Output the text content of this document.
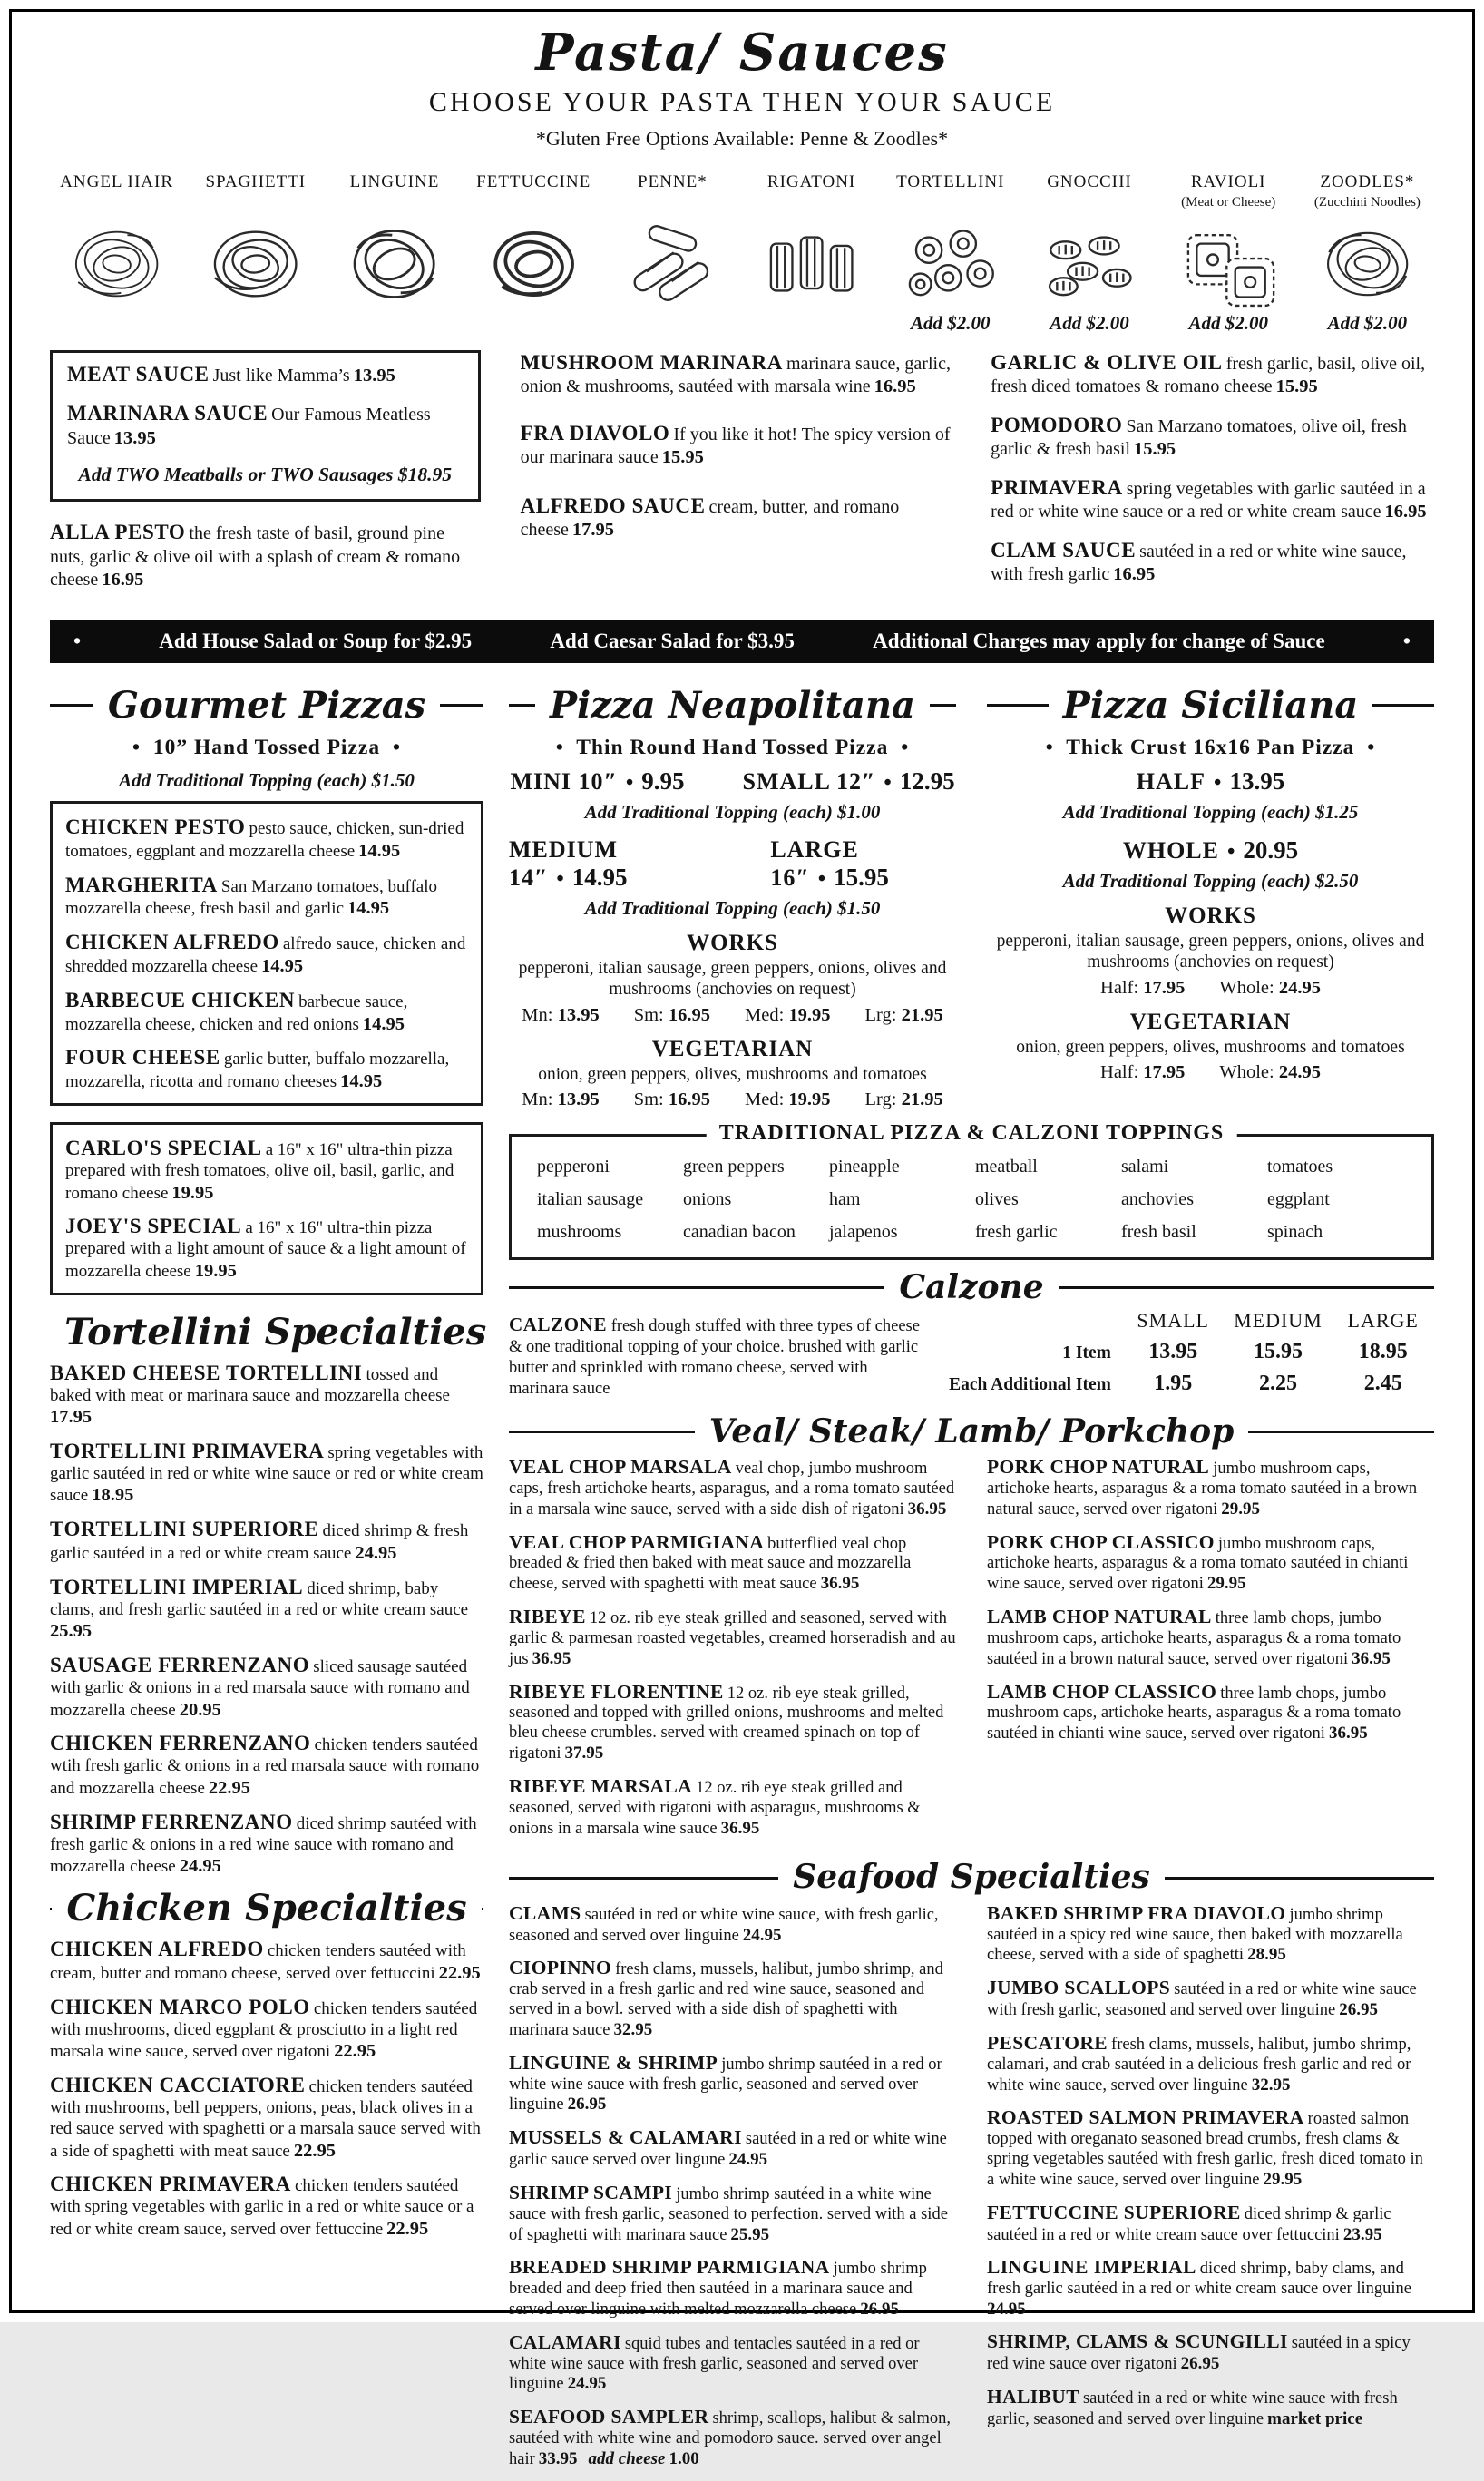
Pasta/ Sauces
CHOOSE YOUR PASTA THEN YOUR SAUCE
*Gluten Free Options Available: Penne & Zoodles*
ANGEL HAIR	SPAGHETTI	LINGUINE	FETTUCCINE	PENNE*	RIGATONI	TORTELLINI
Add $2.00
GNOCCHI
Add $2.00
RAVIOLI
(Meat or Cheese)
Add $2.00
ZOODLES*
(Zucchini Noodles)
Add $2.00

MEAT SAUCE Just like Mamma’s 13.95

MARINARA SAUCE Our Famous Meatless Sauce 13.95

Add TWO Meatballs or TWO Sausages $18.95

ALLA PESTO the fresh taste of basil, ground pine nuts, garlic & olive oil with a splash of cream & romano cheese 16.95

MUSHROOM MARINARA marinara sauce, garlic, onion & mushrooms, sautéed with marsala wine 16.95

FRA DIAVOLO If you like it hot! The spicy version of our marinara sauce 15.95

ALFREDO SAUCE cream, butter, and romano cheese 17.95

GARLIC & OLIVE OIL fresh garlic, basil, olive oil, fresh diced tomatoes & romano cheese 15.95

POMODORO San Marzano tomatoes, olive oil, fresh garlic & fresh basil 15.95

PRIMAVERA spring vegetables with garlic sautéed in a red or white wine sauce or a red or white cream sauce 16.95

CLAM SAUCE sautéed in a red or white wine sauce, with fresh garlic 16.95

•	Add House Salad or Soup for $2.95	Add Caesar Salad for $3.95	Additional Charges may apply for change of Sauce	•
Gourmet Pizzas
• 10” Hand Tossed Pizza •
Add Traditional Topping (each) $1.50

CHICKEN PESTO pesto sauce, chicken, sun-dried tomatoes, eggplant and mozzarella cheese 14.95

MARGHERITA San Marzano tomatoes, buffalo mozzarella cheese, fresh basil and garlic 14.95

CHICKEN ALFREDO alfredo sauce, chicken and shredded mozzarella cheese 14.95

BARBECUE CHICKEN barbecue sauce, mozzarella cheese, chicken and red onions 14.95

FOUR CHEESE garlic butter, buffalo mozzarella, mozzarella, ricotta and romano cheeses 14.95

CARLO'S SPECIAL a 16" x 16" ultra-thin pizza prepared with fresh tomatoes, olive oil, basil, garlic, and romano cheese 19.95

JOEY'S SPECIAL a 16" x 16" ultra-thin pizza prepared with a light amount of sauce & a light amount of mozzarella cheese 19.95

Tortellini Specialties

BAKED CHEESE TORTELLINI tossed and baked with meat or marinara sauce and mozzarella cheese 17.95

TORTELLINI PRIMAVERA spring vegetables with garlic sautéed in red or white wine sauce or red or white cream sauce 18.95

TORTELLINI SUPERIORE diced shrimp & fresh garlic sautéed in a red or white cream sauce 24.95

TORTELLINI IMPERIAL diced shrimp, baby clams, and fresh garlic sautéed in a red or white cream sauce 25.95

SAUSAGE FERRENZANO sliced sausage sautéed with garlic & onions in a red marsala sauce with romano and mozzarella cheese 20.95

CHICKEN FERRENZANO chicken tenders sautéed wtih fresh garlic & onions in a red marsala sauce with romano and mozzarella cheese 22.95

SHRIMP FERRENZANO diced shrimp sautéed with fresh garlic & onions in a red wine sauce with romano and mozzarella cheese 24.95

Chicken Specialties

CHICKEN ALFREDO chicken tenders sautéed with cream, butter and romano cheese, served over fettuccini 22.95

CHICKEN MARCO POLO chicken tenders sautéed with mushrooms, diced eggplant & prosciutto in a light red marsala wine sauce, served over rigatoni 22.95

CHICKEN CACCIATORE chicken tenders sautéed with mushrooms, bell peppers, onions, peas, black olives in a red sauce served with spaghetti or a marsala sauce served with a side of spaghetti with meat sauce 22.95

CHICKEN PRIMAVERA chicken tenders sautéed with spring vegetables with garlic in a red or white sauce or a red or white cream sauce, served over fettuccine 22.95

Pizza Neapolitana
• Thin Round Hand Tossed Pizza •
MINI 10″ • 9.95 SMALL 12″ • 12.95
Add Traditional Topping (each) $1.00
MEDIUM 14″ • 14.95
LARGE 16″ • 15.95
Add Traditional Topping (each) $1.50
WORKS
pepperoni, italian sausage, green peppers, onions, olives and mushrooms (anchovies on request)
Mn: 13.95 Sm: 16.95 Med: 19.95 Lrg: 21.95
VEGETARIAN
onion, green peppers, olives, mushrooms and tomatoes
Mn: 13.95 Sm: 16.95 Med: 19.95 Lrg: 21.95
Pizza Siciliana
• Thick Crust 16x16 Pan Pizza •
HALF • 13.95
Add Traditional Topping (each) $1.25
WHOLE • 20.95
Add Traditional Topping (each) $2.50
WORKS
pepperoni, italian sausage, green peppers, onions, olives and mushrooms (anchovies on request)
Half: 17.95 Whole: 24.95
VEGETARIAN
onion, green peppers, olives, mushrooms and tomatoes
Half: 17.95 Whole: 24.95
TRADITIONAL PIZZA & CALZONI TOPPINGS
pepperoni	green peppers	pineapple	meatball	salami	tomatoes
italian sausage	onions	ham	olives	anchovies	eggplant
mushrooms	canadian bacon	jalapenos	fresh garlic	fresh basil	spinach
Calzone

CALZONE fresh dough stuffed with three types of cheese & one traditional topping of your choice. brushed with garlic butter and sprinkled with romano cheese, served with marinara sauce

SMALL	MEDIUM	LARGE
1 Item	13.95	15.95	18.95
Each Additional Item	1.95	2.25	2.45
Veal/ Steak/ Lamb/ Porkchop

VEAL CHOP MARSALA veal chop, jumbo mushroom caps, fresh artichoke hearts, asparagus, and a roma tomato sautéed in a marsala wine sauce, served with a side dish of rigatoni 36.95

VEAL CHOP PARMIGIANA butterflied veal chop breaded & fried then baked with meat sauce and mozzarella cheese, served with spaghetti with meat sauce 36.95

RIBEYE 12 oz. rib eye steak grilled and seasoned, served with garlic & parmesan roasted vegetables, creamed horseradish and au jus 36.95

RIBEYE FLORENTINE 12 oz. rib eye steak grilled, seasoned and topped with grilled onions, mushrooms and melted bleu cheese crumbles. served with creamed spinach on top of rigatoni 37.95

RIBEYE MARSALA 12 oz. rib eye steak grilled and seasoned, served with rigatoni with asparagus, mushrooms & onions in a marsala wine sauce 36.95

PORK CHOP NATURAL jumbo mushroom caps, artichoke hearts, asparagus & a roma tomato sautéed in a brown natural sauce, served over rigatoni 29.95

PORK CHOP CLASSICO jumbo mushroom caps, artichoke hearts, asparagus & a roma tomato sautéed in chianti wine sauce, served over rigatoni 29.95

LAMB CHOP NATURAL three lamb chops, jumbo mushroom caps, artichoke hearts, asparagus & a roma tomato sautéed in a brown natural sauce, served over rigatoni 36.95

LAMB CHOP CLASSICO three lamb chops, jumbo mushroom caps, artichoke hearts, asparagus & a roma tomato sautéed in chianti wine sauce, served over rigatoni 36.95

Seafood Specialties

CLAMS sautéed in red or white wine sauce, with fresh garlic, seasoned and served over linguine 24.95

CIOPINNO fresh clams, mussels, halibut, jumbo shrimp, and crab served in a fresh garlic and red wine sauce, seasoned and served in a bowl. served with a side dish of spaghetti with marinara sauce 32.95

LINGUINE & SHRIMP jumbo shrimp sautéed in a red or white wine sauce with fresh garlic, seasoned and served over linguine 26.95

MUSSELS & CALAMARI sautéed in a red or white wine garlic sauce served over lingune 24.95

SHRIMP SCAMPI jumbo shrimp sautéed in a white wine sauce with fresh garlic, seasoned to perfection. served with a side of spaghetti with marinara sauce 25.95

BREADED SHRIMP PARMIGIANA jumbo shrimp breaded and deep fried then sautéed in a marinara sauce and served over linguine with melted mozzarella cheese 26.95

CALAMARI squid tubes and tentacles sautéed in a red or white wine sauce with fresh garlic, seasoned and served over linguine 24.95

SEAFOOD SAMPLER shrimp, scallops, halibut & salmon, sautéed with white wine and pomodoro sauce. served over angel hair 33.95 add cheese 1.00

BAKED SHRIMP FRA DIAVOLO jumbo shrimp sautéed in a spicy red wine sauce, then baked with mozzarella cheese, served with a side of spaghetti 28.95

JUMBO SCALLOPS sautéed in a red or white wine sauce with fresh garlic, seasoned and served over linguine 26.95

PESCATORE fresh clams, mussels, halibut, jumbo shrimp, calamari, and crab sautéed in a delicious fresh garlic and red or white wine sauce, served over linguine 32.95

ROASTED SALMON PRIMAVERA roasted salmon topped with oreganato seasoned bread crumbs, fresh clams & spring vegetables sautéed with fresh garlic, fresh diced tomato in a white wine sauce, served over linguine 29.95

FETTUCCINE SUPERIORE diced shrimp & garlic sautéed in a red or white cream sauce over fettuccini 23.95

LINGUINE IMPERIAL diced shrimp, baby clams, and fresh garlic sautéed in a red or white cream sauce over linguine 24.95

SHRIMP, CLAMS & SCUNGILLI sautéed in a spicy red wine sauce over rigatoni 26.95

HALIBUT sautéed in a red or white wine sauce with fresh garlic, seasoned and served over linguine market price
